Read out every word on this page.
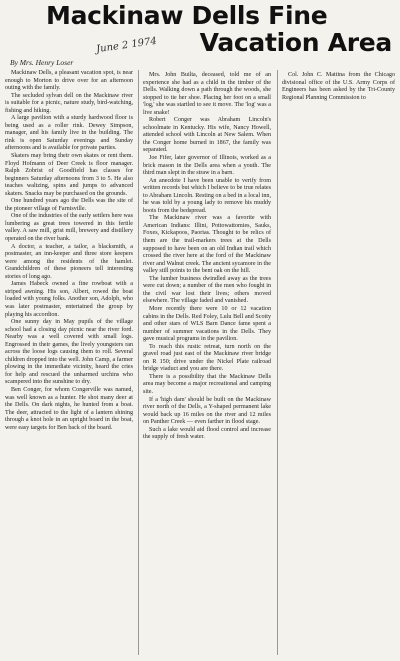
Mackinaw Dells Fine
Vacation Area
June 2 1974
By Mrs. Henry Loser

Mackinaw Dells, a pleasant vacation spot, is near enough to Morton to drive over for an afternoon outing with the family.

The secluded sylvan dell on the Mackinaw river is suitable for a picnic, nature study, bird-watching, fishing and hiking.

A large pavilion with a sturdy hardwood floor is being used as a roller rink. Dewey Simpson, manager, and his family live in the building. The rink is open Saturday evenings and Sunday afternoons and is available for private parties.

Skaters may bring their own skates or rent them. Floyd Hofmann of Deer Creek is floor manager. Ralph Zobrist of Goodfield has classes for beginners Saturday afternoons from 3 to 5. He also teaches waltzing, spins and jumps to advanced skaters. Snacks may be purchased on the grounds.

One hundred years ago the Dells was the site of the pioneer village of Farnisville.

One of the industries of the early settlers here was lumbering as great trees towered in this fertile valley. A saw mill, grist mill, brewery and distillery operated on the river bank.

A doctor, a teacher, a tailor, a blacksmith, a postmaster, an inn-keeper and three store keepers were among the residents of the hamlet. Grandchildren of these pioneers tell interesting stories of long ago.

James Habeck owned a fine rowboat with a striped awning. His son, Albert, rowed the boat loaded with young folks. Another son, Adolph, who was later postmaster, entertained the group by playing his accordion.

One sunny day in May pupils of the village school had a closing day picnic near the river ford. Nearby was a well covered with small logs. Engrossed in their games, the lively youngsters ran across the loose logs causing them to roll. Several children dropped into the well. John Camp, a farmer plowing in the immediate vicinity, heard the cries for help and rescued the unharmed urchins who scampered into the sunshine to dry.

Ben Conger, for whom Congerville was named, was well known as a hunter. He shot many deer at the Dells. On dark nights, he hunted from a boat. The deer, attracted to the light of a lantern shining through a knot hole in an upright board in the boat, were easy targets for Ben back of the board.

Mrs. John Builta, deceased, told me of an experience she had as a child in the timber of the Dells. Walking down a path through the woods, she stopped to tie her shoe. Placing her foot on a small 'log,' she was startled to see it move. The 'log' was a live snake!

Robert Conger was Abraham Lincoln's schoolmate in Kentucky. His wife, Nancy Howell, attended school with Lincoln at New Salem. When the Conger home burned in 1867, the family was separated.

Joe Fifer, later governor of Illinois, worked as a brick mason in the Dells area when a youth. The third man slept in the straw in a barn.

An anecdote I have been unable to verify from written records but which I believe to be true relates to Abraham Lincoln. Resting on a bed in a local inn, he was told by a young lady to remove his muddy boots from the bedspread.

The Mackinaw river was a favorite with American Indians: Illini, Pottowattomies, Sauks, Foxes, Kickapoos, Paorias. Thought to be relics of them are the trail-markers trees at the Dells supposed to have been on an old Indian trail which crossed the river here at the ford of the Mackinaw river and Walnut creek. The ancient sycamore in the valley still points to the bent oak on the hill.

The lumber business dwindled away as the trees were cut down; a number of the men who fought in the civil war lost their lives; others moved elsewhere. The village faded and vanished.

More recently there were 10 or 12 vacation cabins in the Dells. Red Foley, Lulu Bell and Scotty and other stars of WLS Barn Dance fame spent a number of summer vacations in the Dells. They gave musical programs in the pavilion.

To reach this rustic retreat, turn north on the gravel road just east of the Mackinaw river bridge on R 150; drive under the Nickel Plate railroad bridge viaduct and you are there.

There is a possibility that the Mackinaw Dells area may become a major recreational and camping site.

If a 'high dam' should be built on the Mackinaw river north of the Dells, a Y-shaped permanent lake would back up 16 miles on the river and 12 miles on Panther Creek — even farther in flood stage.

Such a lake would aid flood control and increase the supply of fresh water.

Col. John C. Mattina from the Chicago divisional office of the U.S. Army Corps of Engineers has been asked by the Tri-County Regional Planning Commission to
